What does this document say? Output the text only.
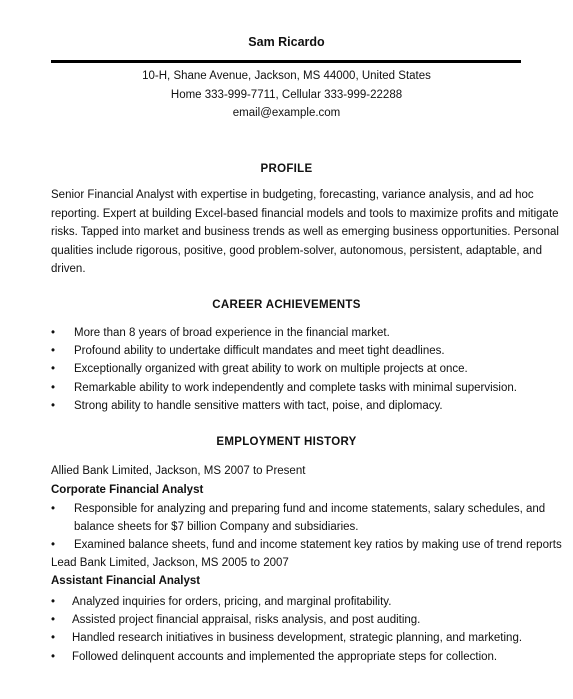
Sam Ricardo
10-H, Shane Avenue, Jackson, MS 44000, United States
Home 333-999-7711, Cellular 333-999-22288
email@example.com
PROFILE
Senior Financial Analyst with expertise in budgeting, forecasting, variance analysis, and ad hoc
reporting. Expert at building Excel-based financial models and tools to maximize profits and mitigate
risks. Tapped into market and business trends as well as emerging business opportunities. Personal
qualities include rigorous, positive, good problem-solver, autonomous, persistent, adaptable, and
driven.
CAREER ACHIEVEMENTS
• More than 8 years of broad experience in the financial market.
• Profound ability to undertake difficult mandates and meet tight deadlines.
• Exceptionally organized with great ability to work on multiple projects at once.
• Remarkable ability to work independently and complete tasks with minimal supervision.
• Strong ability to handle sensitive matters with tact, poise, and diplomacy.
EMPLOYMENT HISTORY
Allied Bank Limited, Jackson, MS 2007 to Present
Corporate Financial Analyst
• Responsible for analyzing and preparing fund and income statements, salary schedules, and
balance sheets for $7 billion Company and subsidiaries.
• Examined balance sheets, fund and income statement key ratios by making use of trend reports
Lead Bank Limited, Jackson, MS 2005 to 2007
Assistant Financial Analyst
• Analyzed inquiries for orders, pricing, and marginal profitability.
• Assisted project financial appraisal, risks analysis, and post auditing.
• Handled research initiatives in business development, strategic planning, and marketing.
• Followed delinquent accounts and implemented the appropriate steps for collection.
